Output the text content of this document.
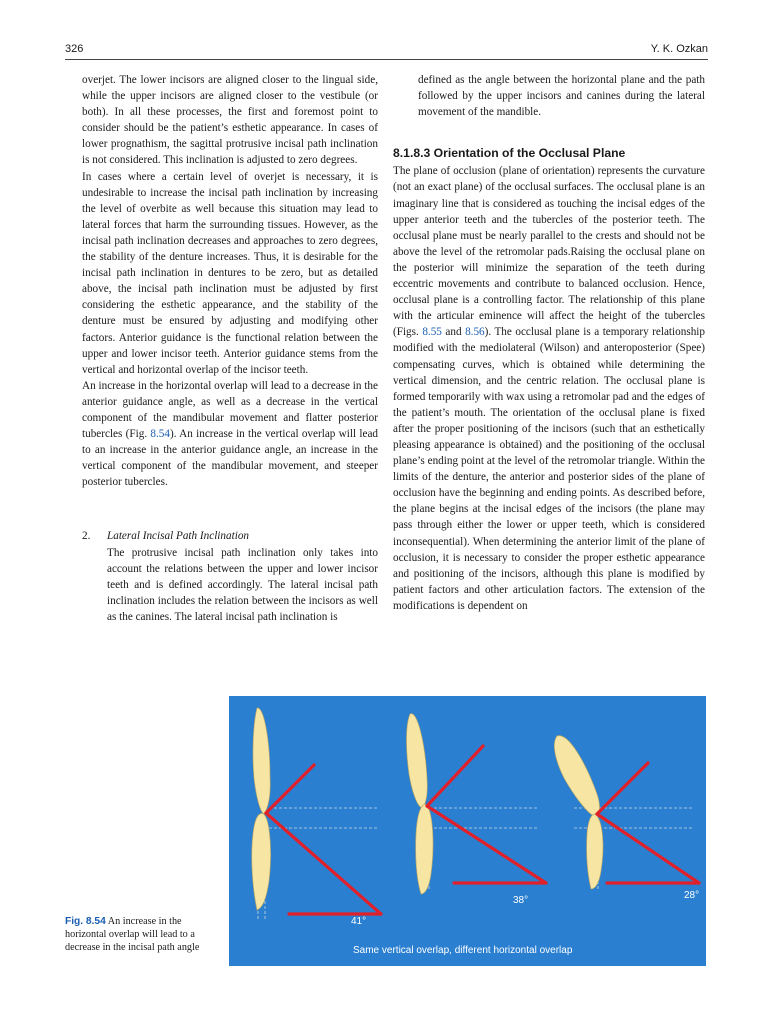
326	Y. K. Ozkan

overjet. The lower incisors are aligned closer to the lingual side, while the upper incisors are aligned closer to the vestibule (or both). In all these processes, the first and foremost point to consider should be the patient’s esthetic appearance. In cases of lower prognathism, the sagittal protrusive incisal path inclination is not considered. This inclination is adjusted to zero degrees.

In cases where a certain level of overjet is necessary, it is undesirable to increase the incisal path inclination by increasing the level of overbite as well because this situation may lead to lateral forces that harm the surrounding tissues. However, as the incisal path inclination decreases and approaches to zero degrees, the stability of the denture increases. Thus, it is desirable for the incisal path inclination in dentures to be zero, but as detailed above, the incisal path inclination must be adjusted by first considering the esthetic appearance, and the stability of the denture must be ensured by adjusting and modifying other factors. Anterior guidance is the functional relation between the upper and lower incisor teeth. Anterior guidance stems from the vertical and horizontal overlap of the incisor teeth.

An increase in the horizontal overlap will lead to a decrease in the anterior guidance angle, as well as a decrease in the vertical component of the mandibular movement and flatter posterior tubercles (Fig. 8.54). An increase in the vertical overlap will lead to an increase in the anterior guidance angle, an increase in the vertical component of the mandibular movement, and steeper posterior tubercles.

2. Lateral Incisal Path Inclination

The protrusive incisal path inclination only takes into account the relations between the upper and lower incisor teeth and is defined accordingly. The lateral incisal path inclination includes the relation between the incisors as well as the canines. The lateral incisal path inclination is

defined as the angle between the horizontal plane and the path followed by the upper incisors and canines during the lateral movement of the mandible.

8.1.8.3 Orientation of the Occlusal Plane

The plane of occlusion (plane of orientation) represents the curvature (not an exact plane) of the occlusal surfaces. The occlusal plane is an imaginary line that is considered as touching the incisal edges of the upper anterior teeth and the tubercles of the posterior teeth. The occlusal plane must be nearly parallel to the crests and should not be above the level of the retromolar pads.Raising the occlusal plane on the posterior will minimize the separation of the teeth during eccentric movements and contribute to balanced occlusion. Hence, occlusal plane is a controlling factor. The relationship of this plane with the articular eminence will affect the height of the tubercles (Figs. 8.55 and 8.56). The occlusal plane is a temporary relationship modified with the mediolateral (Wilson) and anteroposterior (Spee) compensating curves, which is obtained while determining the vertical dimension, and the centric relation. The occlusal plane is formed temporarily with wax using a retromolar pad and the edges of the patient’s mouth. The orientation of the occlusal plane is fixed after the proper positioning of the incisors (such that an esthetically pleasing appearance is obtained) and the positioning of the occlusal plane’s ending point at the level of the retromolar triangle. Within the limits of the denture, the anterior and posterior sides of the plane of occlusion have the beginning and ending points. As described before, the plane begins at the incisal edges of the incisors (the plane may pass through either the lower or upper teeth, which is considered inconsequential). When determining the anterior limit of the plane of occlusion, it is necessary to consider the proper esthetic appearance and positioning of the incisors, although this plane is modified by patient factors and other articulation factors. The extension of the modifications is dependent on

41°
38°	28°
Same vertical overlap, different horizontal overlap
Fig. 8.54 An increase in the horizontal overlap will lead to a decrease in the incisal path angle
